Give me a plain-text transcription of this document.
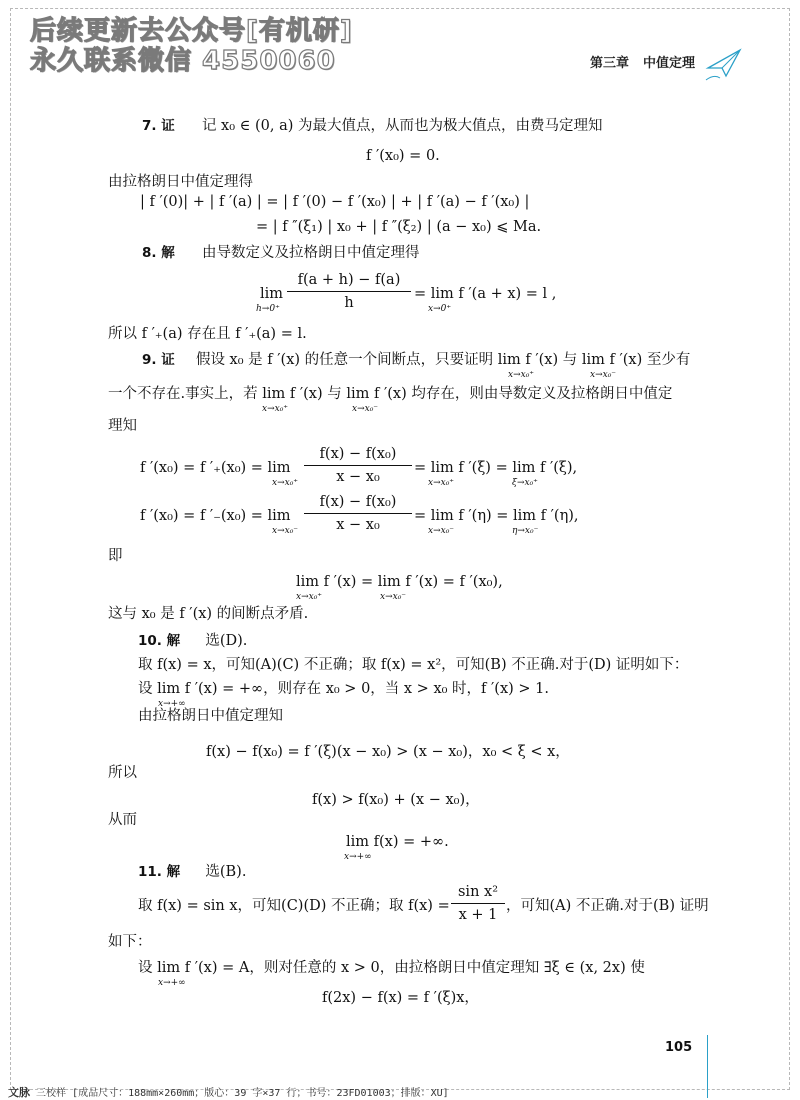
后续更新去公众号[有机研]
永久联系微信 4550060	第三章 中值定理
7. 证 记 x₀ ∈ (0, a) 为最大值点，从而也为极大值点，由费马定理知
f ′(x₀) = 0.
由拉格朗日中值定理得
| f ′(0)| + | f ′(a) | = | f ′(0) − f ′(x₀) | + | f ′(a) − f ′(x₀) |
= | f ″(ξ₁) | x₀ + | f ″(ξ₂) | (a − x₀) ⩽ Ma.
8. 解 由导数定义及拉格朗日中值定理得
lim
h→0⁺
f(a + h) − f(a)
h
= lim f ′(a + x) = l ,
x→0⁺
所以 f ′₊(a) 存在且 f ′₊(a) = l.
9. 证 假设 x₀ 是 f ′(x) 的任意一个间断点，只要证明 lim f ′(x) 与 lim f ′(x) 至少有
x→x₀⁺	x→x₀⁻
一个不存在.事实上，若 lim f ′(x) 与 lim f ′(x) 均存在，则由导数定义及拉格朗日中值定
x→x₀⁺	x→x₀⁻
理知
f ′(x₀) = f ′₊(x₀) = lim
x→x₀⁺
f(x) − f(x₀)
x − x₀
= lim f ′(ξ) = lim f ′(ξ),
x→x₀⁺	ξ→x₀⁺
f ′(x₀) = f ′₋(x₀) = lim
x→x₀⁻
f(x) − f(x₀)
x − x₀
= lim f ′(η) = lim f ′(η),
x→x₀⁻	η→x₀⁻
即
lim f ′(x) = lim f ′(x) = f ′(x₀),
x→x₀⁺	x→x₀⁻
这与 x₀ 是 f ′(x) 的间断点矛盾.
10. 解 选(D).
取 f(x) = x，可知(A)(C) 不正确；取 f(x) = x²，可知(B) 不正确.对于(D) 证明如下：
设 lim f ′(x) = +∞，则存在 x₀ > 0，当 x > x₀ 时，f ′(x) > 1.
x→+∞
由拉格朗日中值定理知
f(x) − f(x₀) = f ′(ξ)(x − x₀) > (x − x₀)，x₀ < ξ < x，
所以
f(x) > f(x₀) + (x − x₀)，
从而
lim f(x) = +∞.
x→+∞
11. 解 选(B).
取 f(x) = sin x，可知(C)(D) 不正确；取 f(x) =
sin x²
x + 1
，可知(A) 不正确.对于(B) 证明
如下：
设 lim f ′(x) = A，则对任意的 x > 0，由拉格朗日中值定理知 ∃ξ ∈ (x, 2x) 使
x→+∞
f(2x) − f(x) = f ′(ξ)x，
105
文脉 三校样 [成品尺寸：188mm×260mm；版心：39 字×37 行；书号：23FD01003；排版：XU]
